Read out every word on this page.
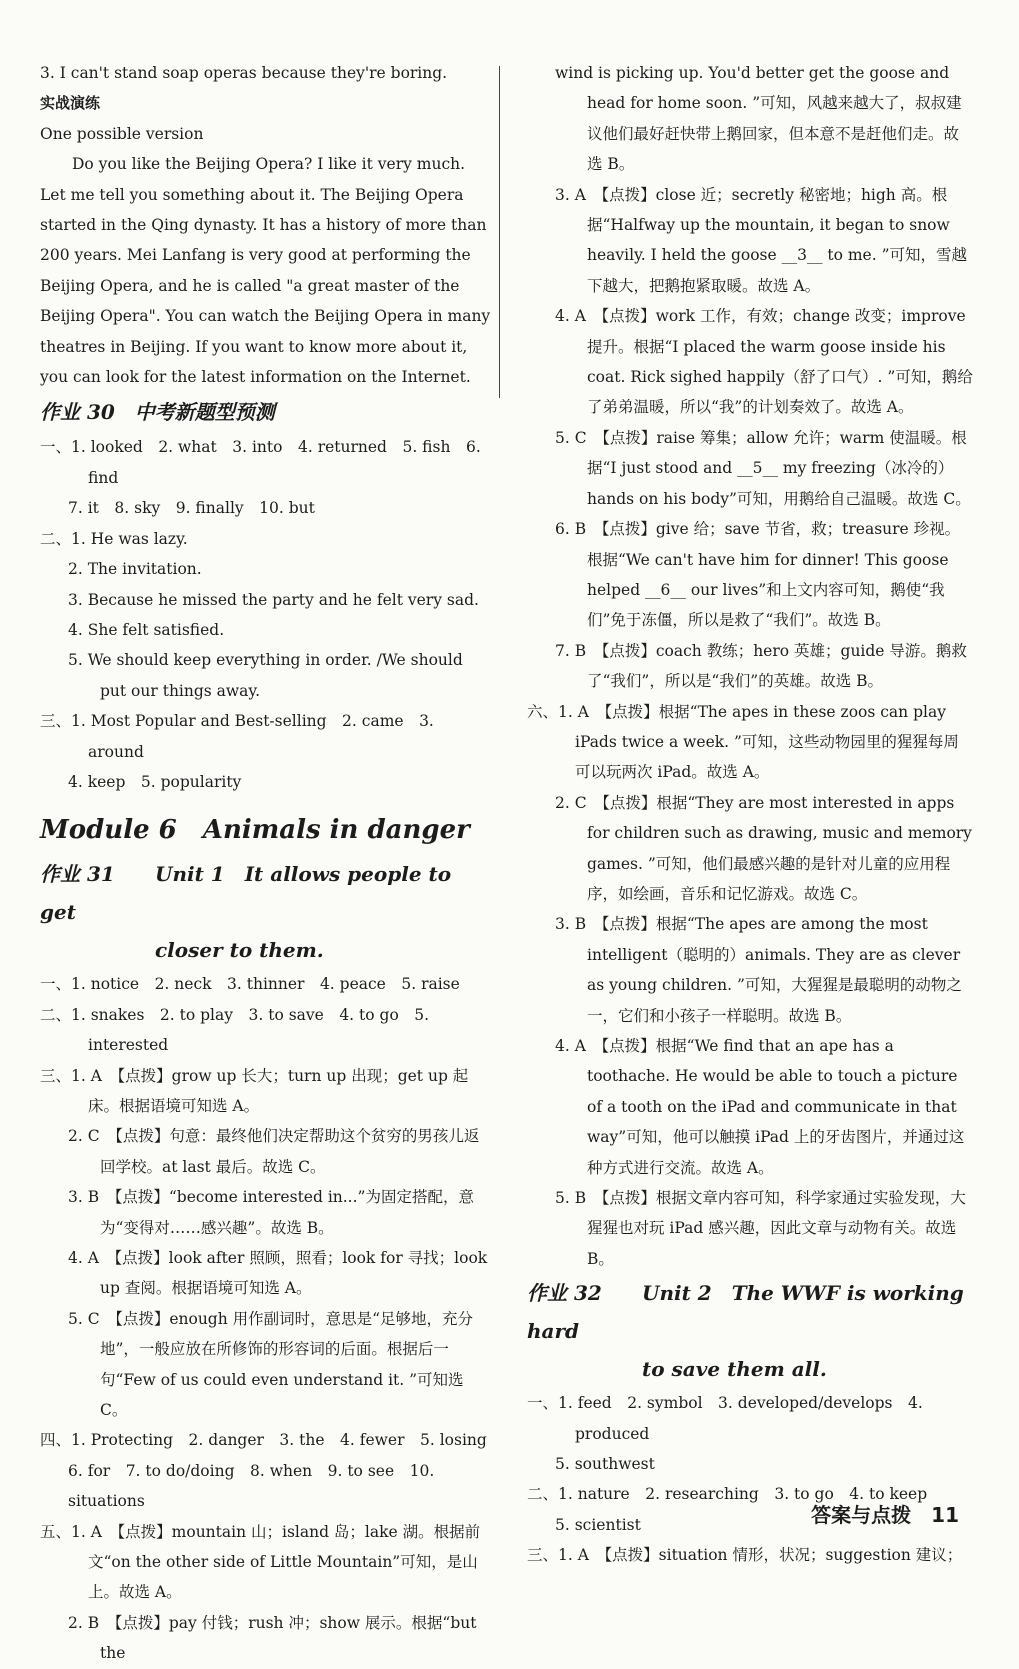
3. I can't stand soap operas because they're boring.
实战演练
One possible version
Do you like the Beijing Opera? I like it very much. Let me tell you something about it. The Beijing Opera started in the Qing dynasty. It has a history of more than 200 years. Mei Lanfang is very good at performing the Beijing Opera, and he is called "a great master of the Beijing Opera". You can watch the Beijing Opera in many theatres in Beijing. If you want to know more about it, you can look for the latest information on the Internet.
作业 30　中考新题型预测
一、1. looked　2. what　3. into　4. returned　5. fish　6. find
7. it　8. sky　9. finally　10. but
二、1. He was lazy.
2. The invitation.
3. Because he missed the party and he felt very sad.
4. She felt satisfied.
5. We should keep everything in order. /We should put our things away.
三、1. Most Popular and Best-selling　2. came　3. around
4. keep　5. popularity
Module 6　Animals in danger
作业 31 Unit 1　It allows people to get
closer to them.
一、1. notice　2. neck　3. thinner　4. peace　5. raise
二、1. snakes　2. to play　3. to save　4. to go　5. interested
三、1. A　【点拨】grow up 长大；turn up 出现；get up 起床。根据语境可知选 A。
2. C　【点拨】句意：最终他们决定帮助这个贫穷的男孩儿返回学校。at last 最后。故选 C。
3. B　【点拨】“become interested in...”为固定搭配，意为“变得对……感兴趣”。故选 B。
4. A　【点拨】look after 照顾，照看；look for 寻找；look up 查阅。根据语境可知选 A。
5. C　【点拨】enough 用作副词时，意思是“足够地，充分地”，一般应放在所修饰的形容词的后面。根据后一句“Few of us could even understand it. ”可知选 C。
四、1. Protecting　2. danger　3. the　4. fewer　5. losing
6. for　7. to do/doing　8. when　9. to see　10. situations
五、1. A　【点拨】mountain 山；island 岛；lake 湖。根据前文“on the other side of Little Mountain”可知，是山上。故选 A。
2. B　【点拨】pay 付钱；rush 冲；show 展示。根据“but the
wind is picking up. You'd better get the goose and head for home soon. ”可知，风越来越大了，叔叔建议他们最好赶快带上鹅回家，但本意不是赶他们走。故选 B。
3. A　【点拨】close 近；secretly 秘密地；high 高。根据“Halfway up the mountain, it began to snow heavily. I held the goose __3__ to me. ”可知，雪越下越大，把鹅抱紧取暖。故选 A。
4. A　【点拨】work 工作，有效；change 改变；improve 提升。根据“I placed the warm goose inside his coat. Rick sighed happily（舒了口气）. ”可知，鹅给了弟弟温暖，所以“我”的计划奏效了。故选 A。
5. C　【点拨】raise 筹集；allow 允许；warm 使温暖。根据“I just stood and __5__ my freezing（冰冷的）hands on his body”可知，用鹅给自己温暖。故选 C。
6. B　【点拨】give 给；save 节省，救；treasure 珍视。根据“We can't have him for dinner! This goose helped __6__ our lives”和上文内容可知，鹅使“我们”免于冻僵，所以是救了“我们”。故选 B。
7. B　【点拨】coach 教练；hero 英雄；guide 导游。鹅救了“我们”，所以是“我们”的英雄。故选 B。
六、1. A　【点拨】根据“The apes in these zoos can play iPads twice a week. ”可知，这些动物园里的猩猩每周可以玩两次 iPad。故选 A。
2. C　【点拨】根据“They are most interested in apps for children such as drawing, music and memory games. ”可知，他们最感兴趣的是针对儿童的应用程序，如绘画，音乐和记忆游戏。故选 C。
3. B　【点拨】根据“The apes are among the most intelligent（聪明的）animals. They are as clever as young children. ”可知，大猩猩是最聪明的动物之一，它们和小孩子一样聪明。故选 B。
4. A　【点拨】根据“We find that an ape has a toothache. He would be able to touch a picture of a tooth on the iPad and communicate in that way”可知，他可以触摸 iPad 上的牙齿图片，并通过这种方式进行交流。故选 A。
5. B　【点拨】根据文章内容可知，科学家通过实验发现，大猩猩也对玩 iPad 感兴趣，因此文章与动物有关。故选 B。
作业 32 Unit 2　The WWF is working hard
to save them all.
一、1. feed　2. symbol　3. developed/develops　4. produced
5. southwest
二、1. nature　2. researching　3. to go　4. to keep
5. scientist
三、1. A　【点拨】situation 情形，状况；suggestion 建议；
答案与点拨　11
